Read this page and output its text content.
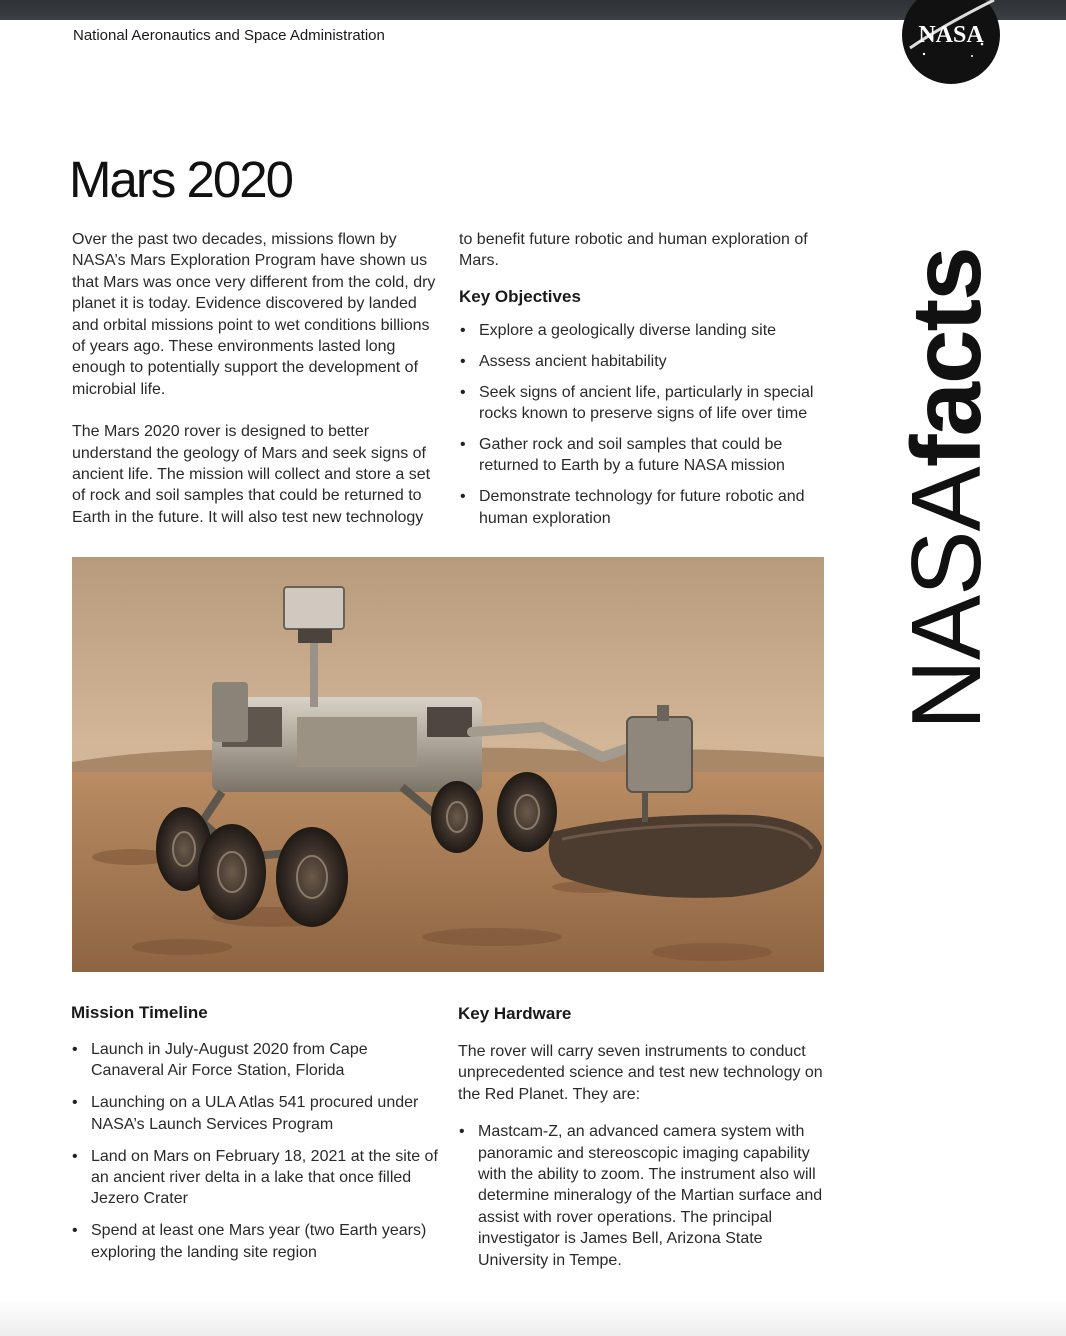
National Aeronautics and Space Administration	NASA
Mars 2020

Over the past two decades, missions flown by NASA’s Mars Exploration Program have shown us that Mars was once very different from the cold, dry planet it is today. Evidence discovered by landed and orbital missions point to wet conditions billions of years ago. These environments lasted long enough to potentially support the development of microbial life.

The Mars 2020 rover is designed to better understand the geology of Mars and seek signs of ancient life. The mission will collect and store a set of rock and soil samples that could be returned to Earth in the future. It will also test new technology

to benefit future robotic and human exploration of Mars.

Key Objectives
• Explore a geologically diverse landing site
• Assess ancient habitability
• Seek signs of ancient life, particularly in special rocks known to preserve signs of life over time
• Gather rock and soil samples that could be returned to Earth by a future NASA mission
• Demonstrate technology for future robotic and human exploration
Mission Timeline
• Launch in July-August 2020 from Cape Canaveral Air Force Station, Florida
• Launching on a ULA Atlas 541 procured under NASA’s Launch Services Program
• Land on Mars on February 18, 2021 at the site of an ancient river delta in a lake that once filled Jezero Crater
• Spend at least one Mars year (two Earth years) exploring the landing site region
Key Hardware

The rover will carry seven instruments to conduct unprecedented science and test new technology on the Red Planet. They are:

• Mastcam-Z, an advanced camera system with panoramic and stereoscopic imaging capability with the ability to zoom. The instrument also will determine mineralogy of the Martian surface and assist with rover operations. The principal investigator is James Bell, Arizona State University in Tempe.
NASAfacts
